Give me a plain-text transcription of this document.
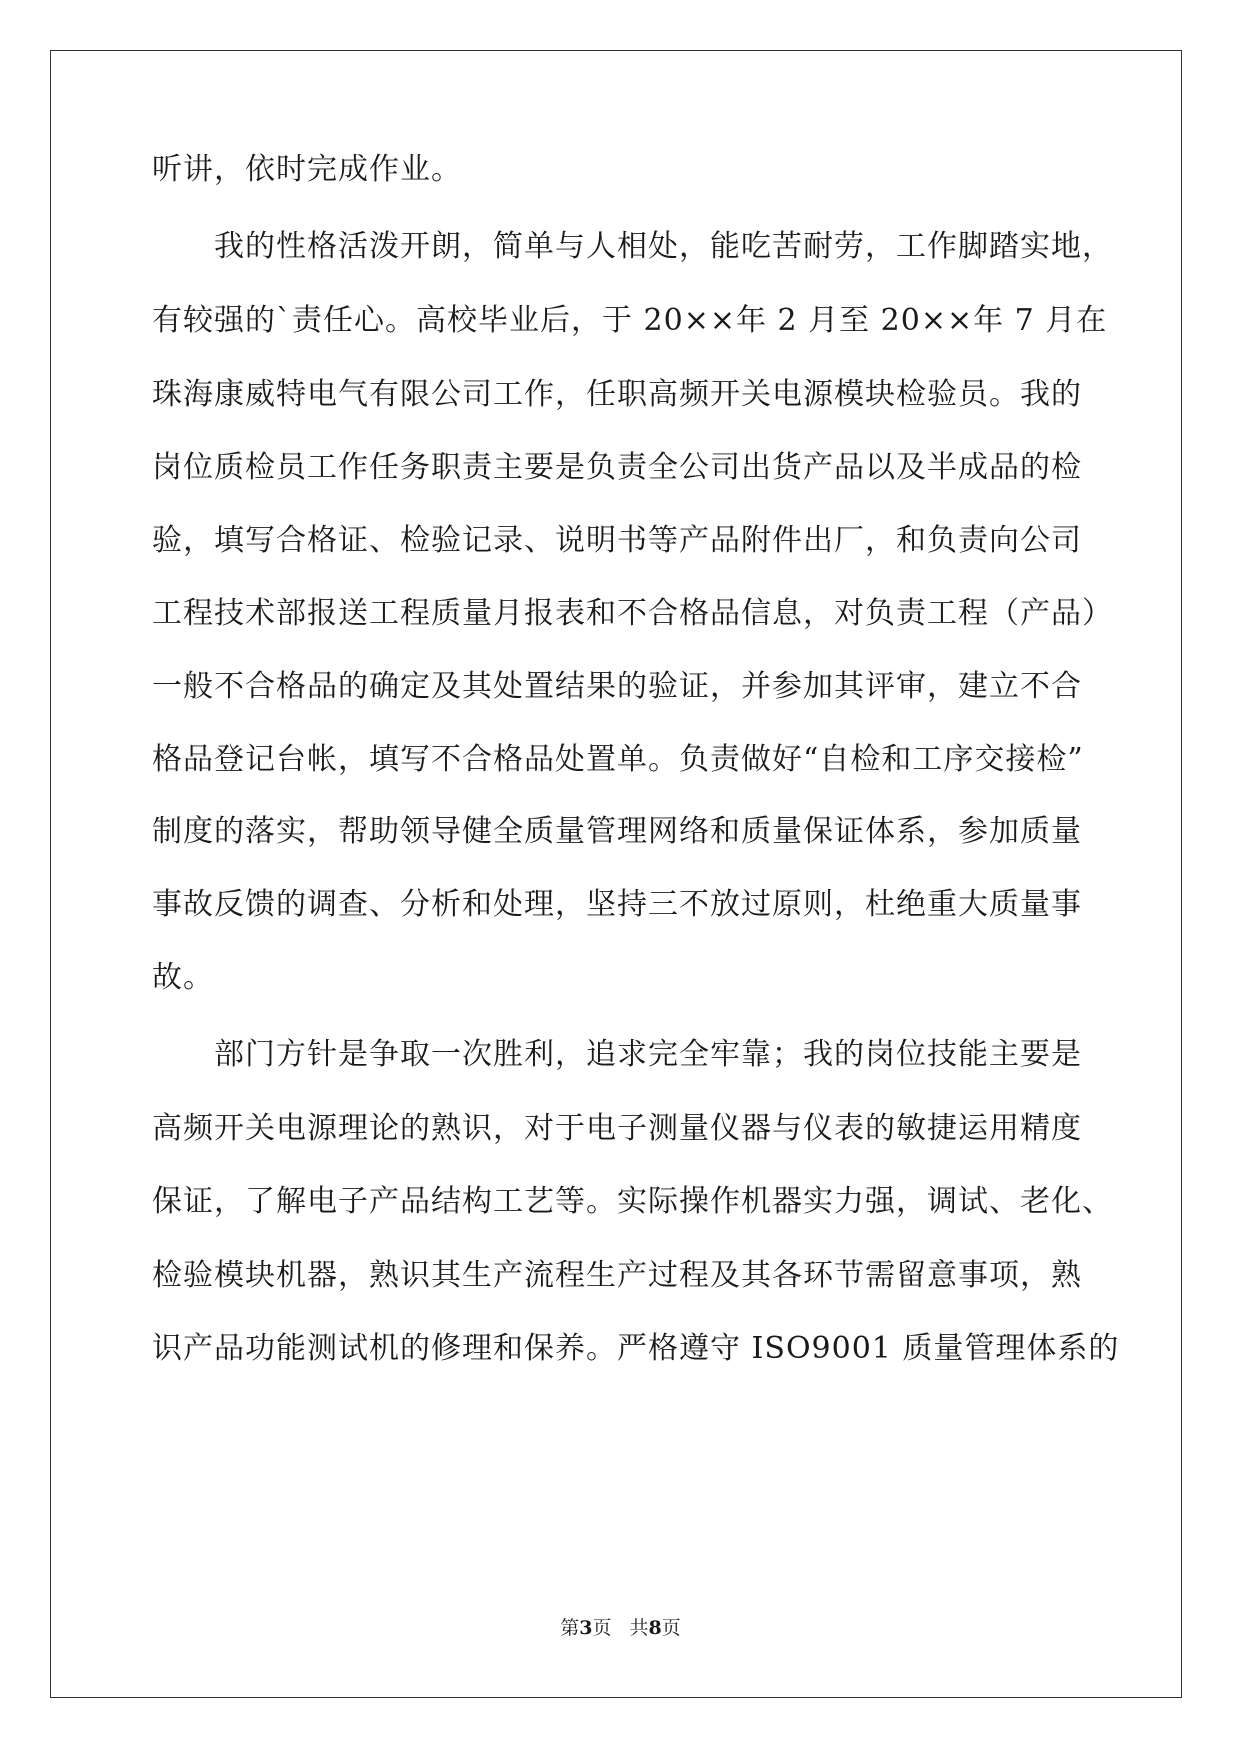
听讲，依时完成作业。
我的性格活泼开朗，简单与人相处，能吃苦耐劳，工作脚踏实地，
有较强的`责任心。高校毕业后，于 20××年 2 月至 20××年 7 月在
珠海康威特电气有限公司工作，任职高频开关电源模块检验员。我的
岗位质检员工作任务职责主要是负责全公司出货产品以及半成品的检
验，填写合格证、检验记录、说明书等产品附件出厂，和负责向公司
工程技术部报送工程质量月报表和不合格品信息，对负责工程（产品）
一般不合格品的确定及其处置结果的验证，并参加其评审，建立不合
格品登记台帐，填写不合格品处置单。负责做好“自检和工序交接检”
制度的落实，帮助领导健全质量管理网络和质量保证体系，参加质量
事故反馈的调查、分析和处理，坚持三不放过原则，杜绝重大质量事
故。
部门方针是争取一次胜利，追求完全牢靠；我的岗位技能主要是
高频开关电源理论的熟识，对于电子测量仪器与仪表的敏捷运用精度
保证，了解电子产品结构工艺等。实际操作机器实力强，调试、老化、
检验模块机器，熟识其生产流程生产过程及其各环节需留意事项，熟
识产品功能测试机的修理和保养。严格遵守 ISO9001 质量管理体系的
第3页 共8页
